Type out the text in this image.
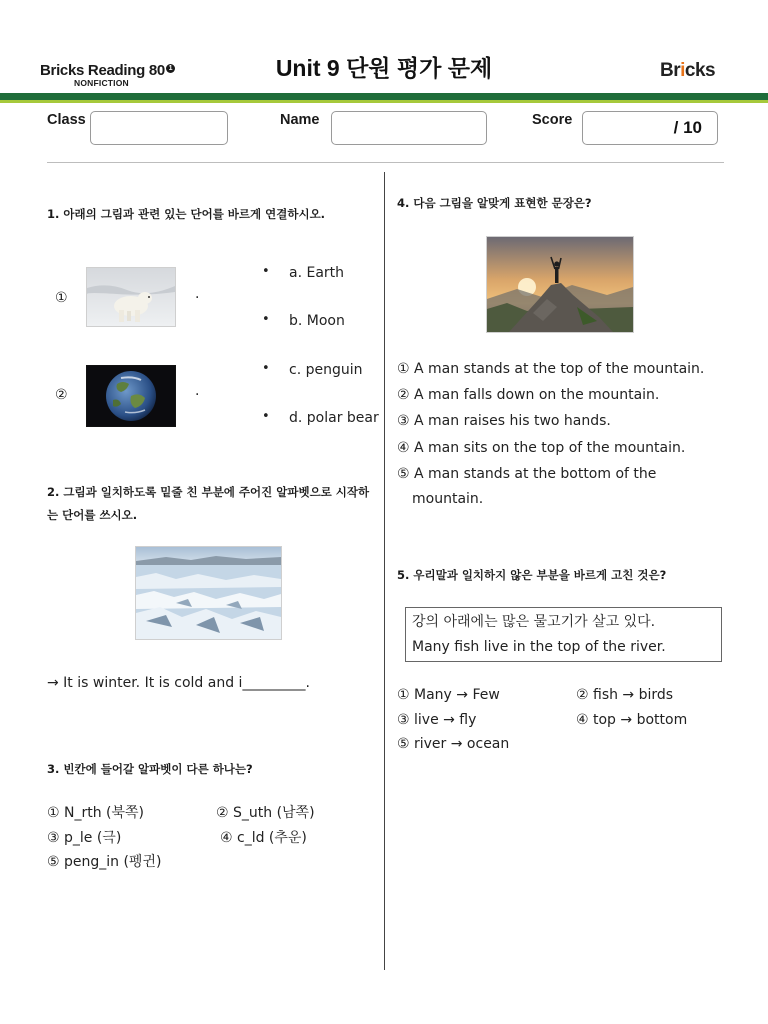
Bricks Reading 80 1
NONFICTION
Unit 9 단원 평가 문제	Bricks
Class	Name	Score	/ 10
1. 아래의 그림과 관련 있는 단어를 바르게 연결하시오.
①	.
②	.
• a. Earth
• b. Moon
• c. penguin
• d. polar bear
2. 그림과 일치하도록 밑줄 친 부분에 주어진 알파벳으로 시작하는 단어를 쓰시오.
→ It is winter. It is cold and i_________.
3. 빈칸에 들어갈 알파벳이 다른 하나는?
① N_rth (북쪽)	② S_uth (남쪽)
③ p_le (극)	④ c_ld (추운)
⑤ peng_in (펭귄)
4. 다음 그림을 알맞게 표현한 문장은?
① A man stands at the top of the mountain.
② A man falls down on the mountain.
③ A man raises his two hands.
④ A man sits on the top of the mountain.
⑤ A man stands at the bottom of the
mountain.
5. 우리말과 일치하지 않은 부분을 바르게 고친 것은?
강의 아래에는 많은 물고기가 살고 있다.
Many fish live in the top of the river.
① Many → Few	② fish → birds
③ live → fly	④ top → bottom
⑤ river → ocean
